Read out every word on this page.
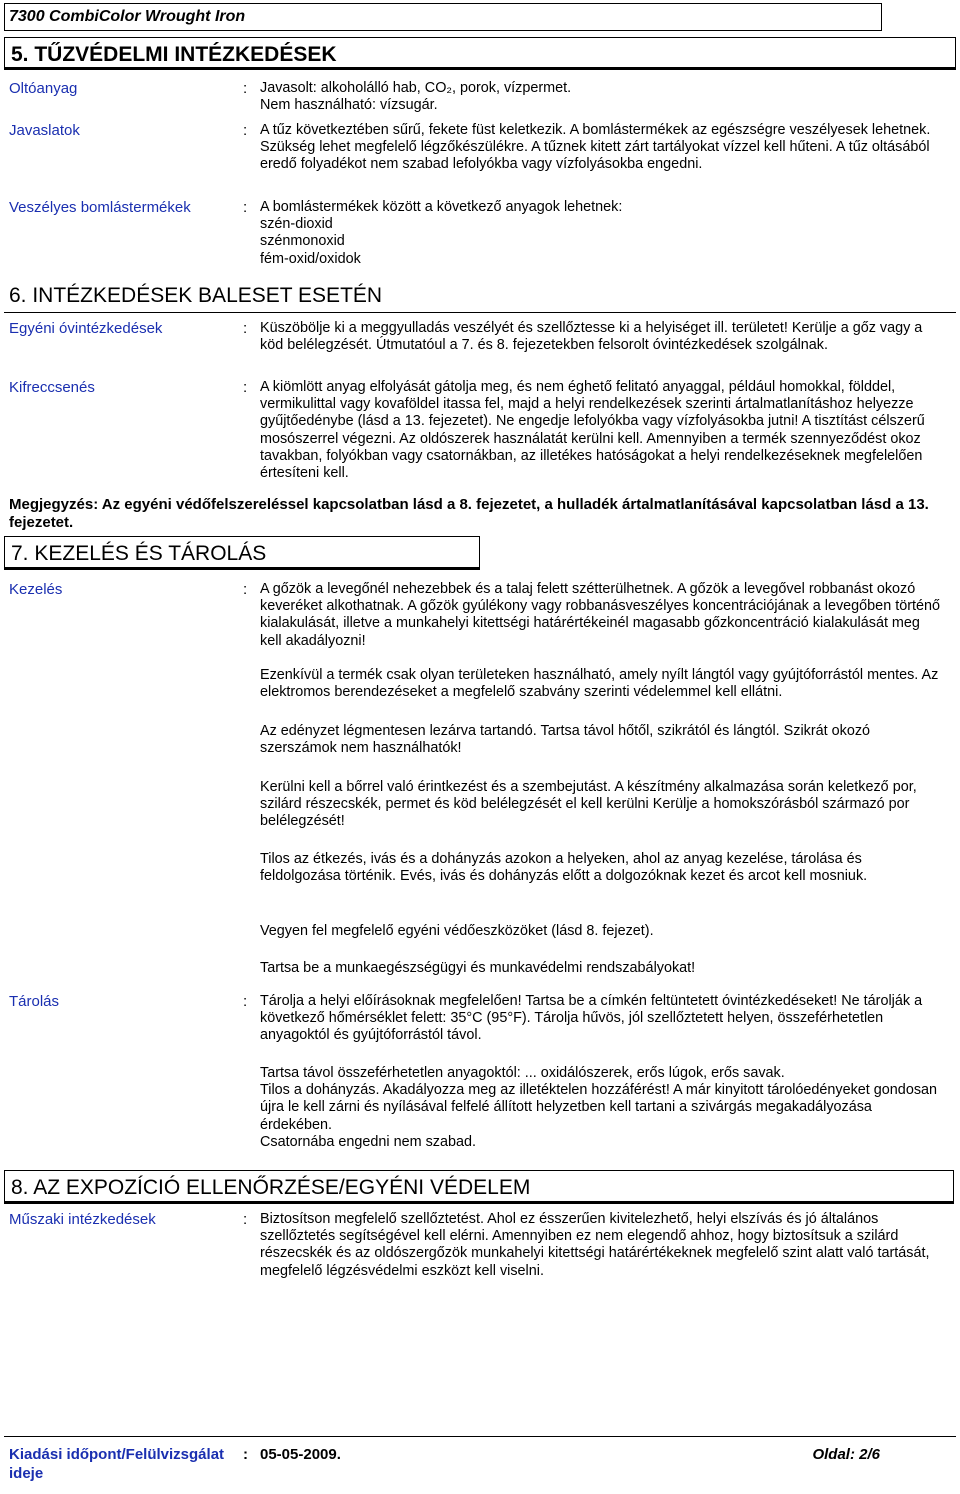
7300 CombiColor Wrought Iron
5. TŰZVÉDELMI INTÉZKEDÉSEK
Oltóanyag	: Javasolt: alkoholálló hab, CO₂, porok, vízpermet.

Nem használható: vízsugár.

Javaslatok	: A tűz következtében sűrű, fekete füst keletkezik. A bomlástermékek az egészségre veszélyesek lehetnek. Szükség lehet megfelelő légzőkészülékre. A tűznek kitett zárt tartályokat vízzel kell hűteni. A tűz oltásából eredő folyadékot nem szabad lefolyókba vagy vízfolyásokba engedni.

Veszélyes bomlástermékek	: A bomlástermékek között a következő anyagok lehetnek:

szén-dioxid

szénmonoxid

fém-oxid/oxidok

6. INTÉZKEDÉSEK BALESET ESETÉN
Egyéni óvintézkedések	: Küszöbölje ki a meggyulladás veszélyét és szellőztesse ki a helyiséget ill. területet! Kerülje a gőz vagy a köd belélegzését. Útmutatóul a 7. és 8. fejezetekben felsorolt óvintézkedések szolgálnak.

Kifreccsenés	: A kiömlött anyag elfolyását gátolja meg, és nem éghető felitató anyaggal, például homokkal, földdel, vermikulittal vagy kovaföldel itassa fel, majd a helyi rendelkezések szerinti ártalmatlanításhoz helyezze gyűjtőedénybe (lásd a 13. fejezetet). Ne engedje lefolyókba vagy vízfolyásokba jutni! A tisztítást célszerű mosószerrel végezni. Az oldószerek használatát kerülni kell. Amennyiben a termék szennyeződést okoz tavakban, folyókban vagy csatornákban, az illetékes hatóságokat a helyi rendelkezéseknek megfelelően értesíteni kell.

Megjegyzés: Az egyéni védőfelszereléssel kapcsolatban lásd a 8. fejezetet, a hulladék ártalmatlanításával kapcsolatban lásd a 13. fejezetet.
7. KEZELÉS ÉS TÁROLÁS
Kezelés	: A gőzök a levegőnél nehezebbek és a talaj felett szétterülhetnek. A gőzök a levegővel robbanást okozó keveréket alkothatnak. A gőzök gyúlékony vagy robbanásveszélyes koncentrációjának a levegőben történő kialakulását, illetve a munkahelyi kitettségi határértékeinél magasabb gőzkoncentráció kialakulását meg kell akadályozni!

Ezenkívül a termék csak olyan területeken használható, amely nyílt lángtól vagy gyújtóforrástól mentes. Az elektromos berendezéseket a megfelelő szabvány szerinti védelemmel kell ellátni.

Az edényzet légmentesen lezárva tartandó. Tartsa távol hőtől, szikrától és lángtól. Szikrát okozó szerszámok nem használhatók!

Kerülni kell a bőrrel való érintkezést és a szembejutást. A készítmény alkalmazása során keletkező por, szilárd részecskék, permet és köd belélegzését el kell kerülni Kerülje a homokszórásból származó por belélegzését!

Tilos az étkezés, ivás és a dohányzás azokon a helyeken, ahol az anyag kezelése, tárolása és feldolgozása történik. Evés, ivás és dohányzás előtt a dolgozóknak kezet és arcot kell mosniuk.

Vegyen fel megfelelő egyéni védőeszközöket (lásd 8. fejezet).

Tartsa be a munkaegészségügyi és munkavédelmi rendszabályokat!

Tárolás	: Tárolja a helyi előírásoknak megfelelően! Tartsa be a címkén feltüntetett óvintézkedéseket! Ne tárolják a következő hőmérséklet felett: 35°C (95°F). Tárolja hűvös, jól szellőztetett helyen, összeférhetetlen anyagoktól és gyújtóforrástól távol.

Tartsa távol összeférhetetlen anyagoktól: ... oxidálószerek, erős lúgok, erős savak.

Tilos a dohányzás. Akadályozza meg az illetéktelen hozzáférést! A már kinyitott tárolóedényeket gondosan újra le kell zárni és nyílásával felfelé állított helyzetben kell tartani a szivárgás megakadályozása érdekében.

Csatornába engedni nem szabad.

8. AZ EXPOZÍCIÓ ELLENŐRZÉSE/EGYÉNI VÉDELEM
Műszaki intézkedések	: Biztosítson megfelelő szellőztetést. Ahol ez ésszerűen kivitelezhető, helyi elszívás és jó általános szellőztetés segítségével kell elérni. Amennyiben ez nem elegendő ahhoz, hogy biztosítsuk a szilárd részecskék és az oldószergőzök munkahelyi kitettségi határértékeknek megfelelő szint alatt való tartását, megfelelő légzésvédelmi eszközt kell viselni.

Kiadási időpont/Felülvizsgálat ideje
: 05-05-2009.	Oldal: 2/6
